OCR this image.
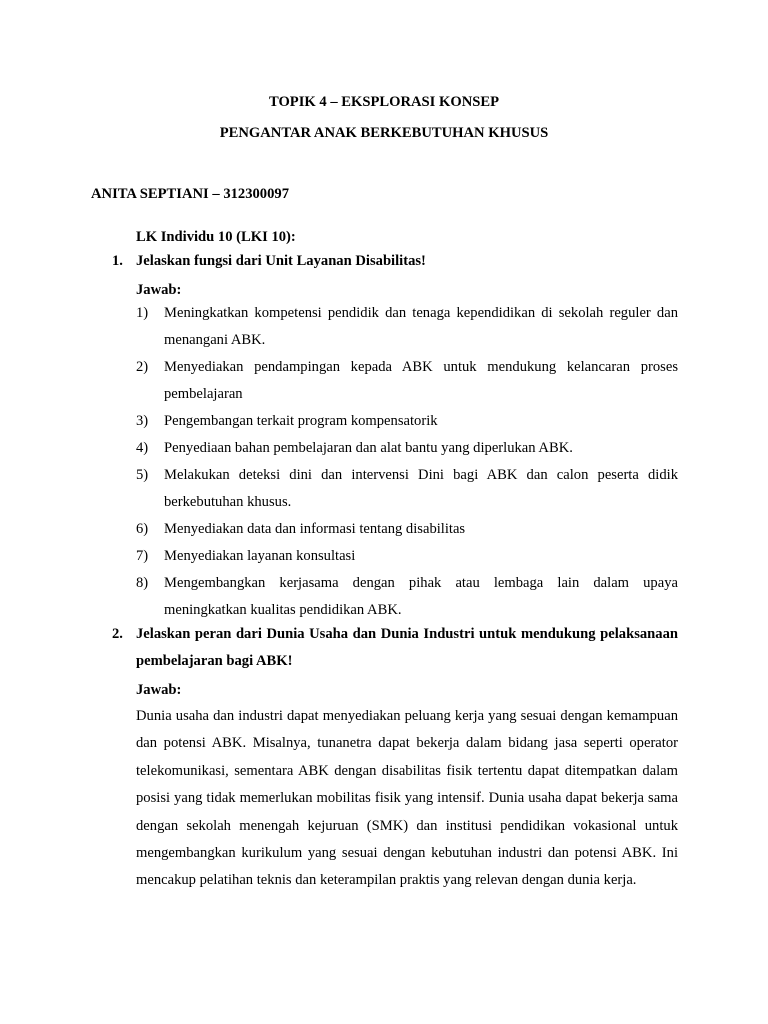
TOPIK 4 – EKSPLORASI KONSEP
PENGANTAR ANAK BERKEBUTUHAN KHUSUS
ANITA SEPTIANI – 312300097
LK Individu 10 (LKI 10):
1. Jelaskan fungsi dari Unit Layanan Disabilitas!
Jawab:
1) Meningkatkan kompetensi pendidik dan tenaga kependidikan di sekolah reguler dan menangani ABK.
2) Menyediakan pendampingan kepada ABK untuk mendukung kelancaran proses pembelajaran
3) Pengembangan terkait program kompensatorik
4) Penyediaan bahan pembelajaran dan alat bantu yang diperlukan ABK.
5) Melakukan deteksi dini dan intervensi Dini bagi ABK dan calon peserta didik berkebutuhan khusus.
6) Menyediakan data dan informasi tentang disabilitas
7) Menyediakan layanan konsultasi
8) Mengembangkan kerjasama dengan pihak atau lembaga lain dalam upaya meningkatkan kualitas pendidikan ABK.
2. Jelaskan peran dari Dunia Usaha dan Dunia Industri untuk mendukung pelaksanaan pembelajaran bagi ABK!
Jawab:

Dunia usaha dan industri dapat menyediakan peluang kerja yang sesuai dengan kemampuan dan potensi ABK. Misalnya, tunanetra dapat bekerja dalam bidang jasa seperti operator telekomunikasi, sementara ABK dengan disabilitas fisik tertentu dapat ditempatkan dalam posisi yang tidak memerlukan mobilitas fisik yang intensif. Dunia usaha dapat bekerja sama dengan sekolah menengah kejuruan (SMK) dan institusi pendidikan vokasional untuk mengembangkan kurikulum yang sesuai dengan kebutuhan industri dan potensi ABK. Ini mencakup pelatihan teknis dan keterampilan praktis yang relevan dengan dunia kerja.
